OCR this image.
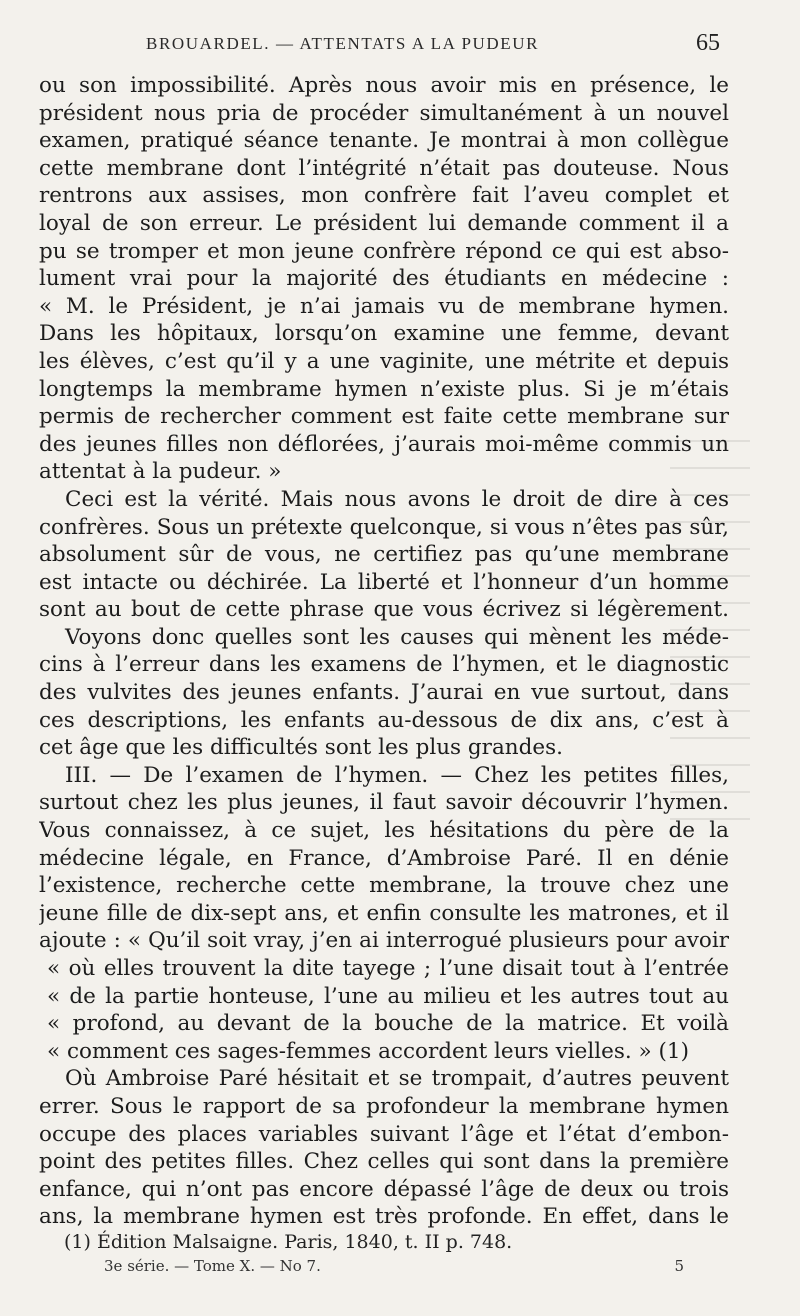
BROUARDEL. — ATTENTATS A LA PUDEUR	65
ou son impossibilité. Après nous avoir mis en présence, le
président nous pria de procéder simultanément à un nouvel
examen, pratiqué séance tenante. Je montrai à mon collègue
cette membrane dont l’intégrité n’était pas douteuse. Nous
rentrons aux assises, mon confrère fait l’aveu complet et
loyal de son erreur. Le président lui demande comment il a
pu se tromper et mon jeune confrère répond ce qui est abso-
lument vrai pour la majorité des étudiants en médecine :
« M. le Président, je n’ai jamais vu de membrane hymen.
Dans les hôpitaux, lorsqu’on examine une femme, devant
les élèves, c’est qu’il y a une vaginite, une métrite et depuis
longtemps la membrame hymen n’existe plus. Si je m’étais
permis de rechercher comment est faite cette membrane sur
des jeunes filles non déflorées, j’aurais moi-même commis un
attentat à la pudeur. »
Ceci est la vérité. Mais nous avons le droit de dire à ces
confrères. Sous un prétexte quelconque, si vous n’êtes pas sûr,
absolument sûr de vous, ne certifiez pas qu’une membrane
est intacte ou déchirée. La liberté et l’honneur d’un homme
sont au bout de cette phrase que vous écrivez si légèrement.
Voyons donc quelles sont les causes qui mènent les méde-
cins à l’erreur dans les examens de l’hymen, et le diagnostic
des vulvites des jeunes enfants. J’aurai en vue surtout, dans
ces descriptions, les enfants au-dessous de dix ans, c’est à
cet âge que les difficultés sont les plus grandes.
III. — De l’examen de l’hymen. — Chez les petites filles,
surtout chez les plus jeunes, il faut savoir découvrir l’hymen.
Vous connaissez, à ce sujet, les hésitations du père de la
médecine légale, en France, d’Ambroise Paré. Il en dénie
l’existence, recherche cette membrane, la trouve chez une
jeune fille de dix-sept ans, et enfin consulte les matrones, et il
ajoute : « Qu’il soit vray, j’en ai interrogué plusieurs pour avoir
« où elles trouvent la dite tayege ; l’une disait tout à l’entrée
« de la partie honteuse, l’une au milieu et les autres tout au
« profond, au devant de la bouche de la matrice. Et voilà
« comment ces sages-femmes accordent leurs vielles. » (1)
Où Ambroise Paré hésitait et se trompait, d’autres peuvent
errer. Sous le rapport de sa profondeur la membrane hymen
occupe des places variables suivant l’âge et l’état d’embon-
point des petites filles. Chez celles qui sont dans la première
enfance, qui n’ont pas encore dépassé l’âge de deux ou trois
ans, la membrane hymen est très profonde. En effet, dans le
(1) Édition Malsaigne. Paris, 1840, t. II p. 748.
3e série. — Tome X. — No 7.	5
